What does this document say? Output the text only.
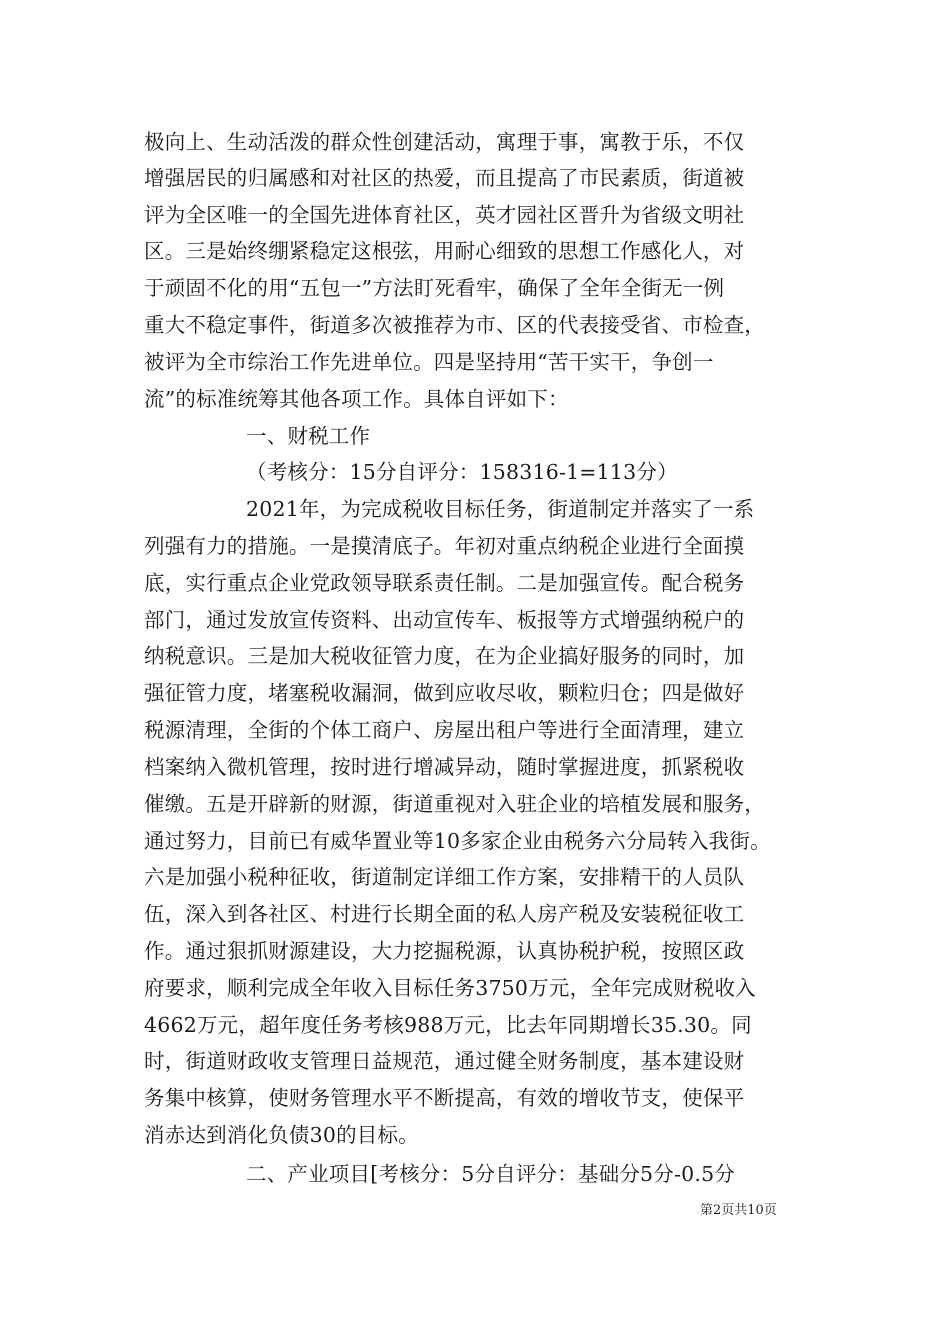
极向上、生动活泼的群众性创建活动，寓理于事，寓教于乐，不仅
增强居民的归属感和对社区的热爱，而且提高了市民素质，街道被
评为全区唯一的全国先进体育社区，英才园社区晋升为省级文明社
区。三是始终绷紧稳定这根弦，用耐心细致的思想工作感化人，对
于顽固不化的用“五包一”方法盯死看牢，确保了全年全街无一例
重大不稳定事件，街道多次被推荐为市、区的代表接受省、市检查，
被评为全市综治工作先进单位。四是坚持用“苦干实干，争创一
流”的标准统筹其他各项工作。具体自评如下：
一、财税工作
（考核分：15分自评分：158316-1=113分）
2021年，为完成税收目标任务，街道制定并落实了一系
列强有力的措施。一是摸清底子。年初对重点纳税企业进行全面摸
底，实行重点企业党政领导联系责任制。二是加强宣传。配合税务
部门，通过发放宣传资料、出动宣传车、板报等方式增强纳税户的
纳税意识。三是加大税收征管力度，在为企业搞好服务的同时，加
强征管力度，堵塞税收漏洞，做到应收尽收，颗粒归仓；四是做好
税源清理，全街的个体工商户、房屋出租户等进行全面清理，建立
档案纳入微机管理，按时进行增减异动，随时掌握进度，抓紧税收
催缴。五是开辟新的财源，街道重视对入驻企业的培植发展和服务，
通过努力，目前已有威华置业等10多家企业由税务六分局转入我街。
六是加强小税种征收，街道制定详细工作方案，安排精干的人员队
伍，深入到各社区、村进行长期全面的私人房产税及安装税征收工
作。通过狠抓财源建设，大力挖掘税源，认真协税护税，按照区政
府要求，顺利完成全年收入目标任务3750万元，全年完成财税收入
4662万元，超年度任务考核988万元，比去年同期增长35.30。同
时，街道财政收支管理日益规范，通过健全财务制度，基本建设财
务集中核算，使财务管理水平不断提高，有效的增收节支，使保平
消赤达到消化负债30的目标。
二、产业项目[考核分：5分自评分：基础分5分-0.5分
第2页共10页
